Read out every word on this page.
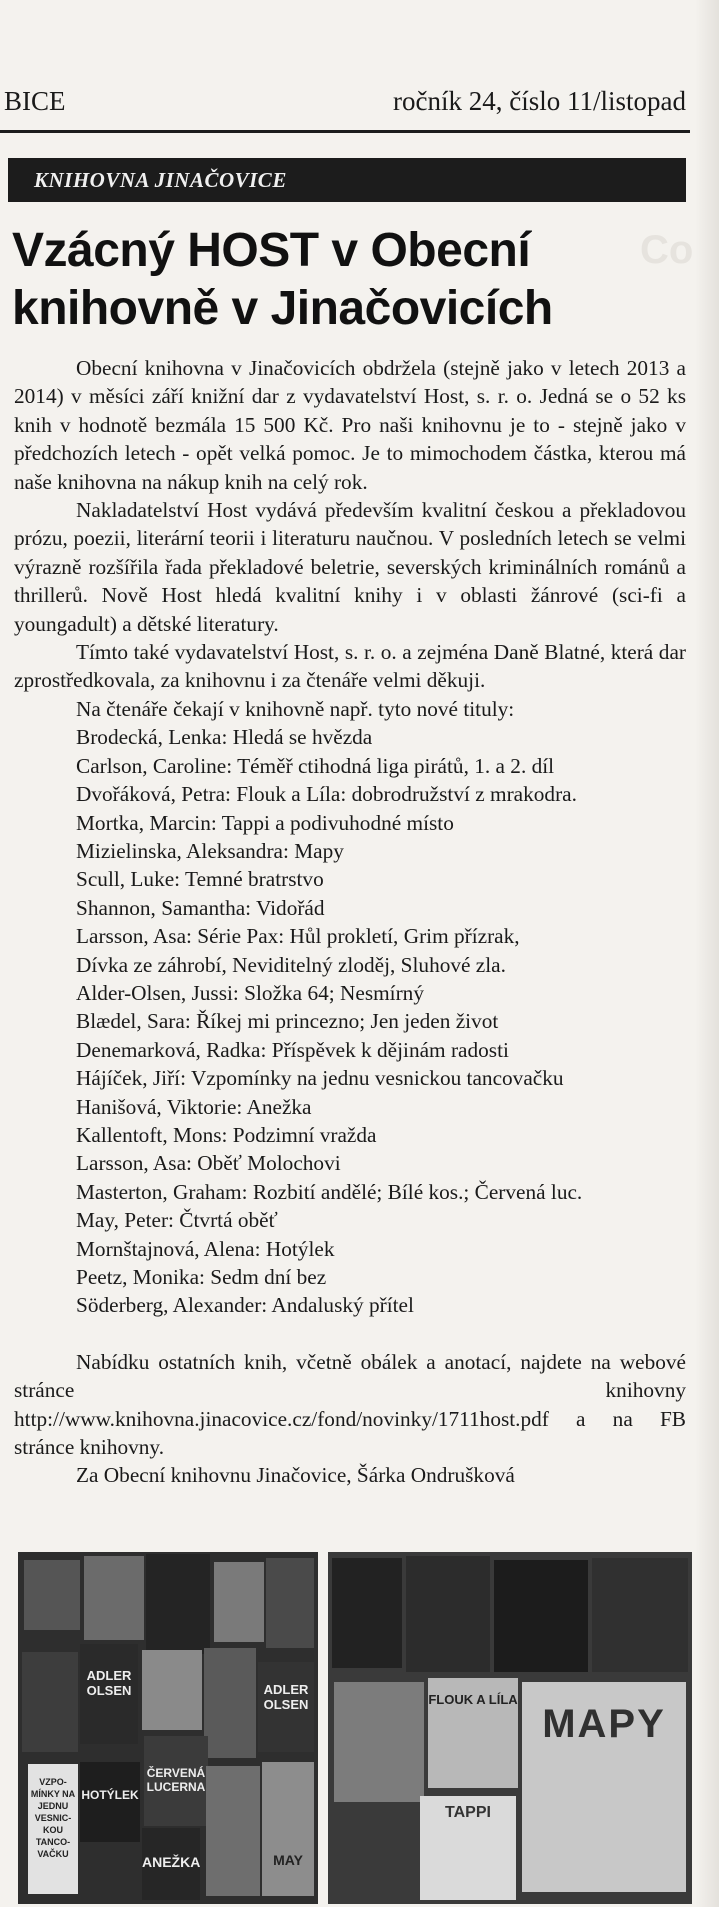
BICE	ročník 24, číslo 11/listopad
KNIHOVNA JINAČOVICE
Co
Vzácný HOST v Obecní
knihovně v Jinačovicích

Obecní knihovna v Jinačovicích obdržela (stejně jako v letech 2013 a 2014) v měsíci září knižní dar z vydavatelství Host, s. r. o. Jedná se o 52 ks knih v hodnotě bezmála 15 500 Kč. Pro naši knihovnu je to - stejně jako v předchozích letech - opět velká pomoc. Je to mimochodem částka, kterou má naše knihovna na nákup knih na celý rok.

Nakladatelství Host vydává především kvalitní českou a překladovou prózu, poezii, literární teorii i literaturu naučnou. V posledních letech se velmi výrazně rozšířila řada překladové beletrie, severských kriminálních románů a thrillerů. Nově Host hledá kvalitní knihy i v oblasti žánrové (sci-fi a youngadult) a dětské literatury.

Tímto také vydavatelství Host, s. r. o. a zejména Daně Blatné, která dar zprostředkovala, za knihovnu i za čtenáře velmi děkuji.

Na čtenáře čekají v knihovně např. tyto nové tituly:

Brodecká, Lenka: Hledá se hvězda
Carlson, Caroline: Téměř ctihodná liga pirátů, 1. a 2. díl
Dvořáková, Petra: Flouk a Líla: dobrodružství z mrakodra.
Mortka, Marcin: Tappi a podivuhodné místo
Mizielinska, Aleksandra: Mapy
Scull, Luke: Temné bratrstvo
Shannon, Samantha: Vidořád
Larsson, Asa: Série Pax: Hůl prokletí, Grim přízrak,
Dívka ze záhrobí, Neviditelný zloděj, Sluhové zla.
Alder-Olsen, Jussi: Složka 64; Nesmírný
Blædel, Sara: Říkej mi princezno; Jen jeden život
Denemarková, Radka: Příspěvek k dějinám radosti
Hájíček, Jiří: Vzpomínky na jednu vesnickou tancovačku
Hanišová, Viktorie: Anežka
Kallentoft, Mons: Podzimní vražda
Larsson, Asa: Oběť Molochovi
Masterton, Graham: Rozbití andělé; Bílé kos.; Červená luc.
May, Peter: Čtvrtá oběť
Mornštajnová, Alena: Hotýlek
Peetz, Monika: Sedm dní bez
Söderberg, Alexander: Andaluský přítel

Nabídku ostatních knih, včetně obálek a anotací, najdete na webové stránce knihovny http://www.knihovna.jinacovice.cz/fond/novinky/1711host.pdf a na FB stránce knihovny.

Za Obecní knihovnu Jinačovice, Šárka Ondrušková
ADLER OLSEN	ADLER OLSEN
ČERVENÁ LUCERNA
VZPO-MÍNKY NA JEDNU VESNIC-KOU TANCO-VAČKU
HOTÝLEK
ANEŽKA	MAY
FLOUK A LÍLA
MAPY
TAPPI
